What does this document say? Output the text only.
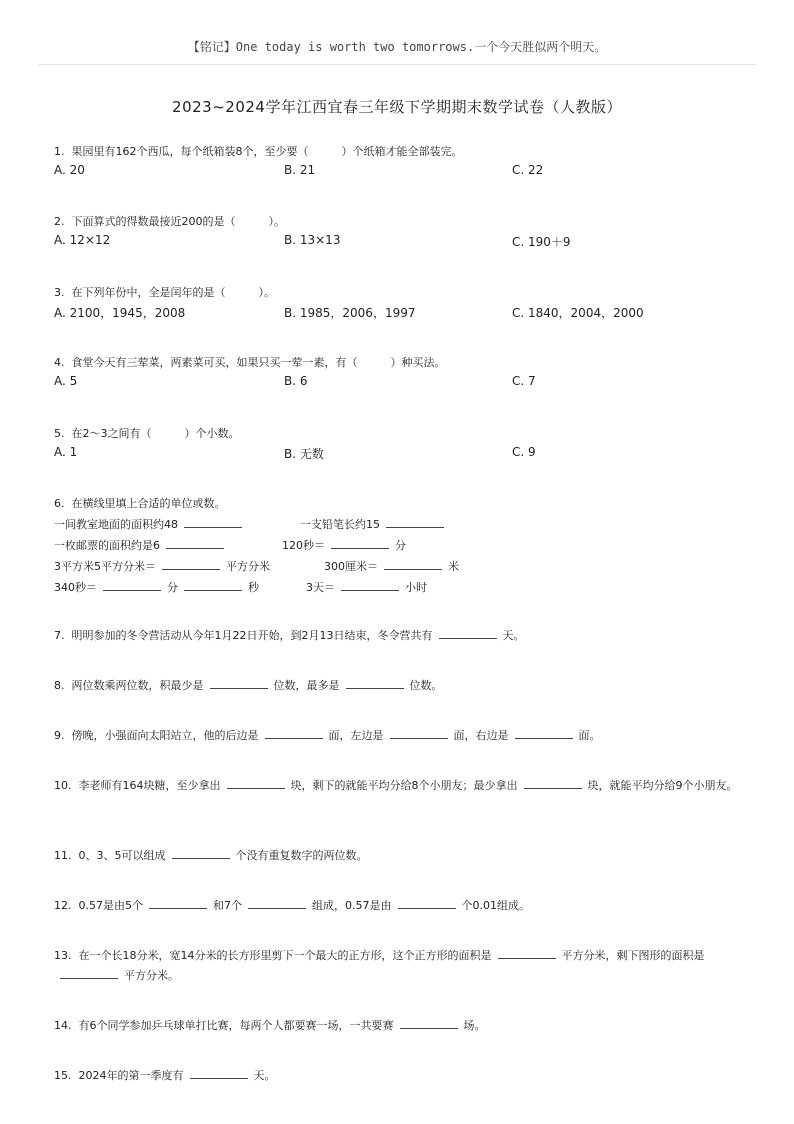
【铭记】One today is worth two tomorrows.一个今天胜似两个明天。
2023~2024学年江西宜春三年级下学期期末数学试卷（人教版）
1. 果园里有162个西瓜，每个纸箱装8个，至少要（　　　）个纸箱才能全部装完。
A. 20	B. 21	C. 22
2. 下面算式的得数最接近200的是（　　　）。
A. 12×12	B. 13×13	C. 190＋9
3. 在下列年份中，全是闰年的是（　　　）。
A. 2100，1945，2008	B. 1985，2006，1997	C. 1840，2004，2000
4. 食堂今天有三荤菜，两素菜可买，如果只买一荤一素，有（　　　）种买法。
A. 5	B. 6	C. 7
5. 在2～3之间有（　　　）个小数。
A. 1	B. 无数	C. 9
6. 在横线里填上合适的单位或数。
一间教室地面的面积约48	一支铅笔长约15
一枚邮票的面积约是6	120秒＝	分
3平方米5平方分米＝	平方分米	300厘米＝	米
340秒＝	分	秒	3天＝	小时
7. 明明参加的冬令营活动从今年1月22日开始，到2月13日结束，冬令营共有	天。
8. 两位数乘两位数，积最少是	位数，最多是	位数。
9. 傍晚，小强面向太阳站立，他的后边是	面，左边是	面，右边是	面。
10. 李老师有164块糖，至少拿出	块，剩下的就能平均分给8个小朋友；最少拿出	块，就能平均分给9个小朋友。
11. 0、3、5可以组成	个没有重复数字的两位数。
12. 0.57是由5个	和7个	组成，0.57是由	个0.01组成。
13. 在一个长18分米，宽14分米的长方形里剪下一个最大的正方形，这个正方形的面积是	平方分米，剩下图形的面积是平方分米。
14. 有6个同学参加乒乓球单打比赛，每两个人都要赛一场，一共要赛	场。
15. 2024年的第一季度有	天。
